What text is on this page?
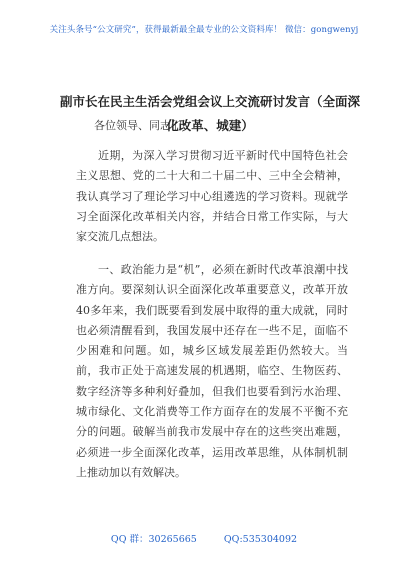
关注头条号“公文研究”，获得最新最全最专业的公文资料库！ 微信：gongwenyj
副市长在民主生活会党组会议上交流研讨发言（全面深化改革、城建）
各位领导、同志们：

近期，为深入学习贯彻习近平新时代中国特色社会主义思想、党的二十大和二十届二中、三中全会精神，我认真学习了理论学习中心组遴选的学习资料。现就学习全面深化改革相关内容，并结合日常工作实际，与大家交流几点想法。

一、政治能力是“机”，必须在新时代改革浪潮中找准方向。要深刻认识全面深化改革重要意义，改革开放40多年来，我们既要看到发展中取得的重大成就，同时也必须清醒看到，我国发展中还存在一些不足，面临不少困难和问题。如，城乡区域发展差距仍然较大。当前，我市正处于高速发展的机遇期，临空、生物医药、数字经济等多种利好叠加，但我们也要看到污水治理、城市绿化、文化消费等工作方面存在的发展不平衡不充分的问题。破解当前我市发展中存在的这些突出难题，必须进一步全面深化改革，运用改革思维，从体制机制上推动加以有效解决。

QQ 群：30265665	QQ:535304092
